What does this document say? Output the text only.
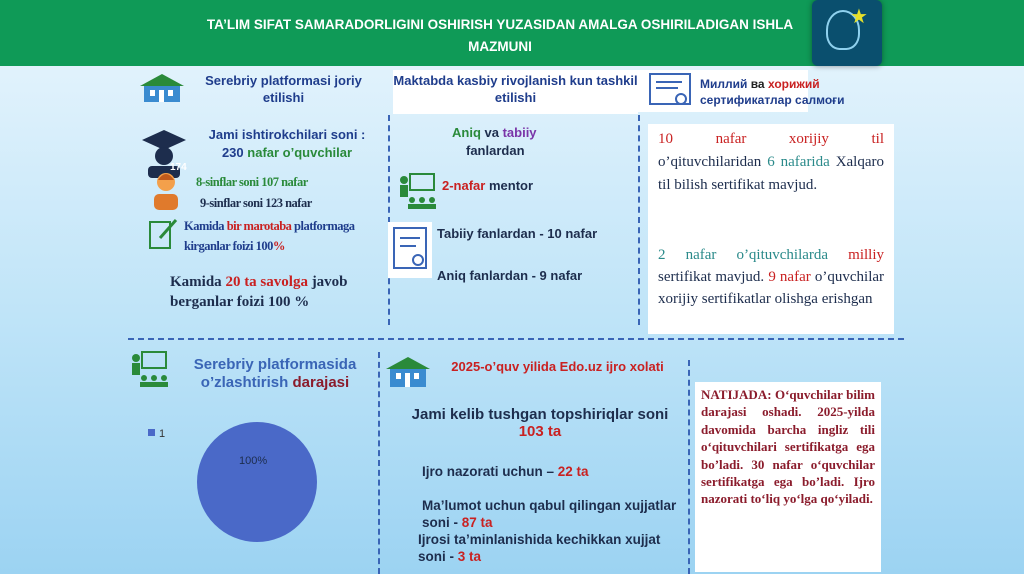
TA’LIM SIFAT SAMARADORLIGINI OSHIRISH YUZASIDAN AMALGA OSHIRILADIGAN ISHLA
MAZMUNI
★
Serebriy platformasi joriy etilishi
Maktabda kasbiy rivojlanish kun tashkil etilishi
Миллий ва хорижий
сертификатлар салмоғи
174
Jami ishtirokchilari soni :
230 nafar o’quvchilar
8-sinflar soni 107 nafar
9-sinflar soni 123 nafar
Kamida bir marotaba platformaga kirganlar foizi 100%
Kamida 20 ta savolga javob berganlar foizi 100 %
Aniq va tabiiy
fanlardan
2-nafar mentor
Tabiiy fanlardan - 10 nafar
Aniq fanlardan - 9 nafar
10 nafar xorijiy til
o’qituvchilaridan 6 nafarida Xalqaro til bilish sertifikat mavjud.
2 nafar o’qituvchilarda milliy sertifikat mavjud. 9 nafar o’quvchilar xorijiy sertifikatlar olishga erishgan
Serebriy platformasida o’zlashtirish darajasi
1
100%
2025-o’quv yilida Edo.uz ijro xolati
Jami kelib tushgan topshiriqlar soni 103 ta
Ijro nazorati uchun – 22 ta
Ma’lumot uchun qabul qilingan xujjatlar soni - 87 ta
Ijrosi ta’minlanishida kechikkan xujjat soni - 3 ta
NATIJADA: O‘quvchilar bilim darajasi oshadi. 2025-yilda davomida barcha ingliz tili o‘qituvchilari sertifikatga ega bo’ladi. 30 nafar o‘quvchilar sertifikatga ega bo’ladi. Ijro nazorati to‘liq yo‘lga qo‘yiladi.
